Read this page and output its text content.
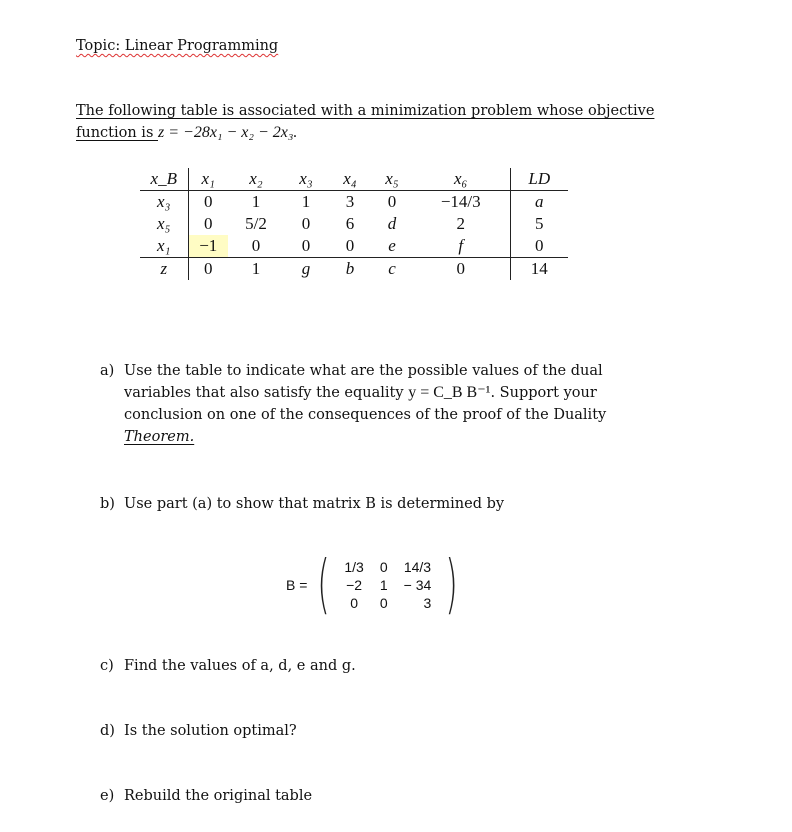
Topic: Linear Programming
The following table is associated with a minimization problem whose objective
function is z = −28x₁ − x₂ − 2x₃.
x_B	x₁	x₂	x₃	x₄	x₅	x₆	LD
x₃	0	1	1	3	0	−14/3	a
x₅	0	5/2	0	6	d	2	5
x₁	−1	0	0	0	e	f	0
z	0	1	g	b	c	0	14
a) Use the table to indicate what are the possible values of the dual
variables that also satisfy the equality y = C_B B⁻¹. Support your
conclusion on one of the consequences of the proof of the Duality
Theorem.
b) Use part (a) to show that matrix B is determined by
B = ( 1/3	0	14/3
−2	1	− 34
0	0	3 )
c) Find the values of a, d, e and g.
d) Is the solution optimal?
e) Rebuild the original table
